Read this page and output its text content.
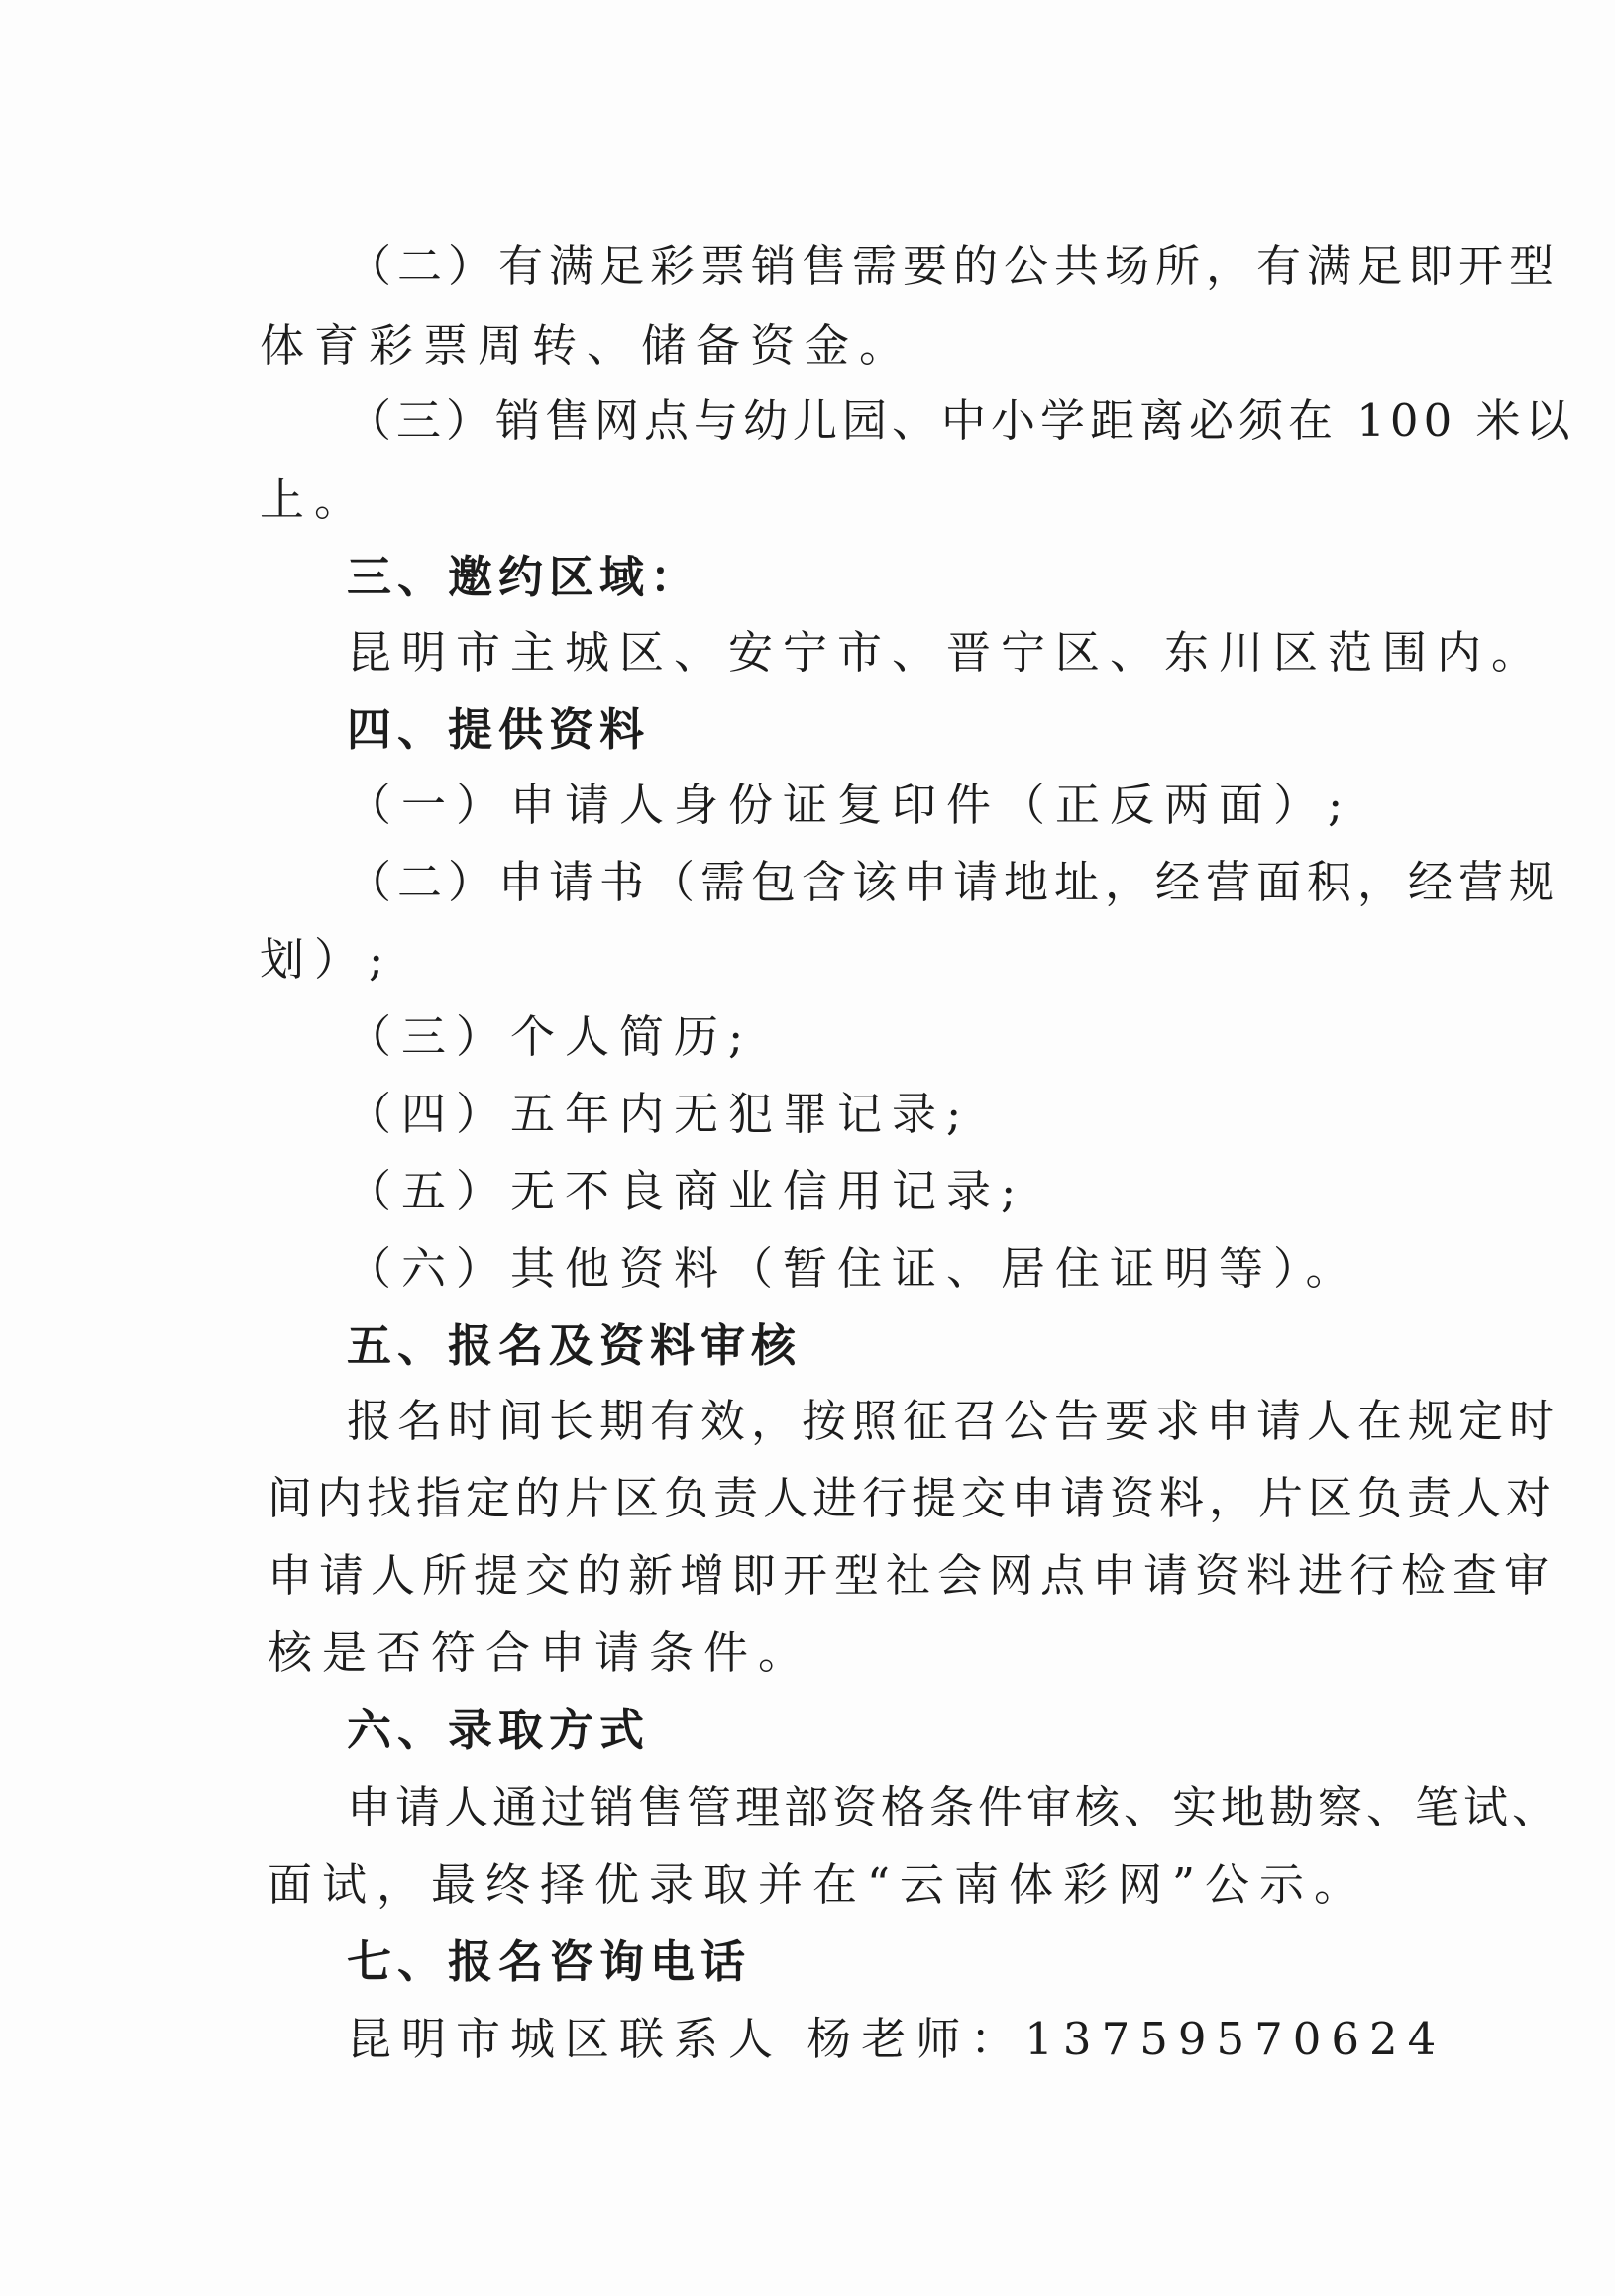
（二）有满足彩票销售需要的公共场所，有满足即开型

体育彩票周转、储备资金。

（三）销售网点与幼儿园、中小学距离必须在 100 米以

上。

三、邀约区域：

昆明市主城区、安宁市、晋宁区、东川区范围内。

四、提供资料

（一）申请人身份证复印件（正反两面）;

（二）申请书（需包含该申请地址，经营面积，经营规

划）;

（三）个人简历;

（四）五年内无犯罪记录;

（五）无不良商业信用记录;

（六）其他资料（暂住证、居住证明等）。

五、报名及资料审核

报名时间长期有效，按照征召公告要求申请人在规定时

间内找指定的片区负责人进行提交申请资料，片区负责人对

申请人所提交的新增即开型社会网点申请资料进行检查审

核是否符合申请条件。

六、录取方式

申请人通过销售管理部资格条件审核、实地勘察、笔试、

面试，最终择优录取并在“云南体彩网”公示。

七、报名咨询电话

昆明市城区联系人 杨老师：13759570624
